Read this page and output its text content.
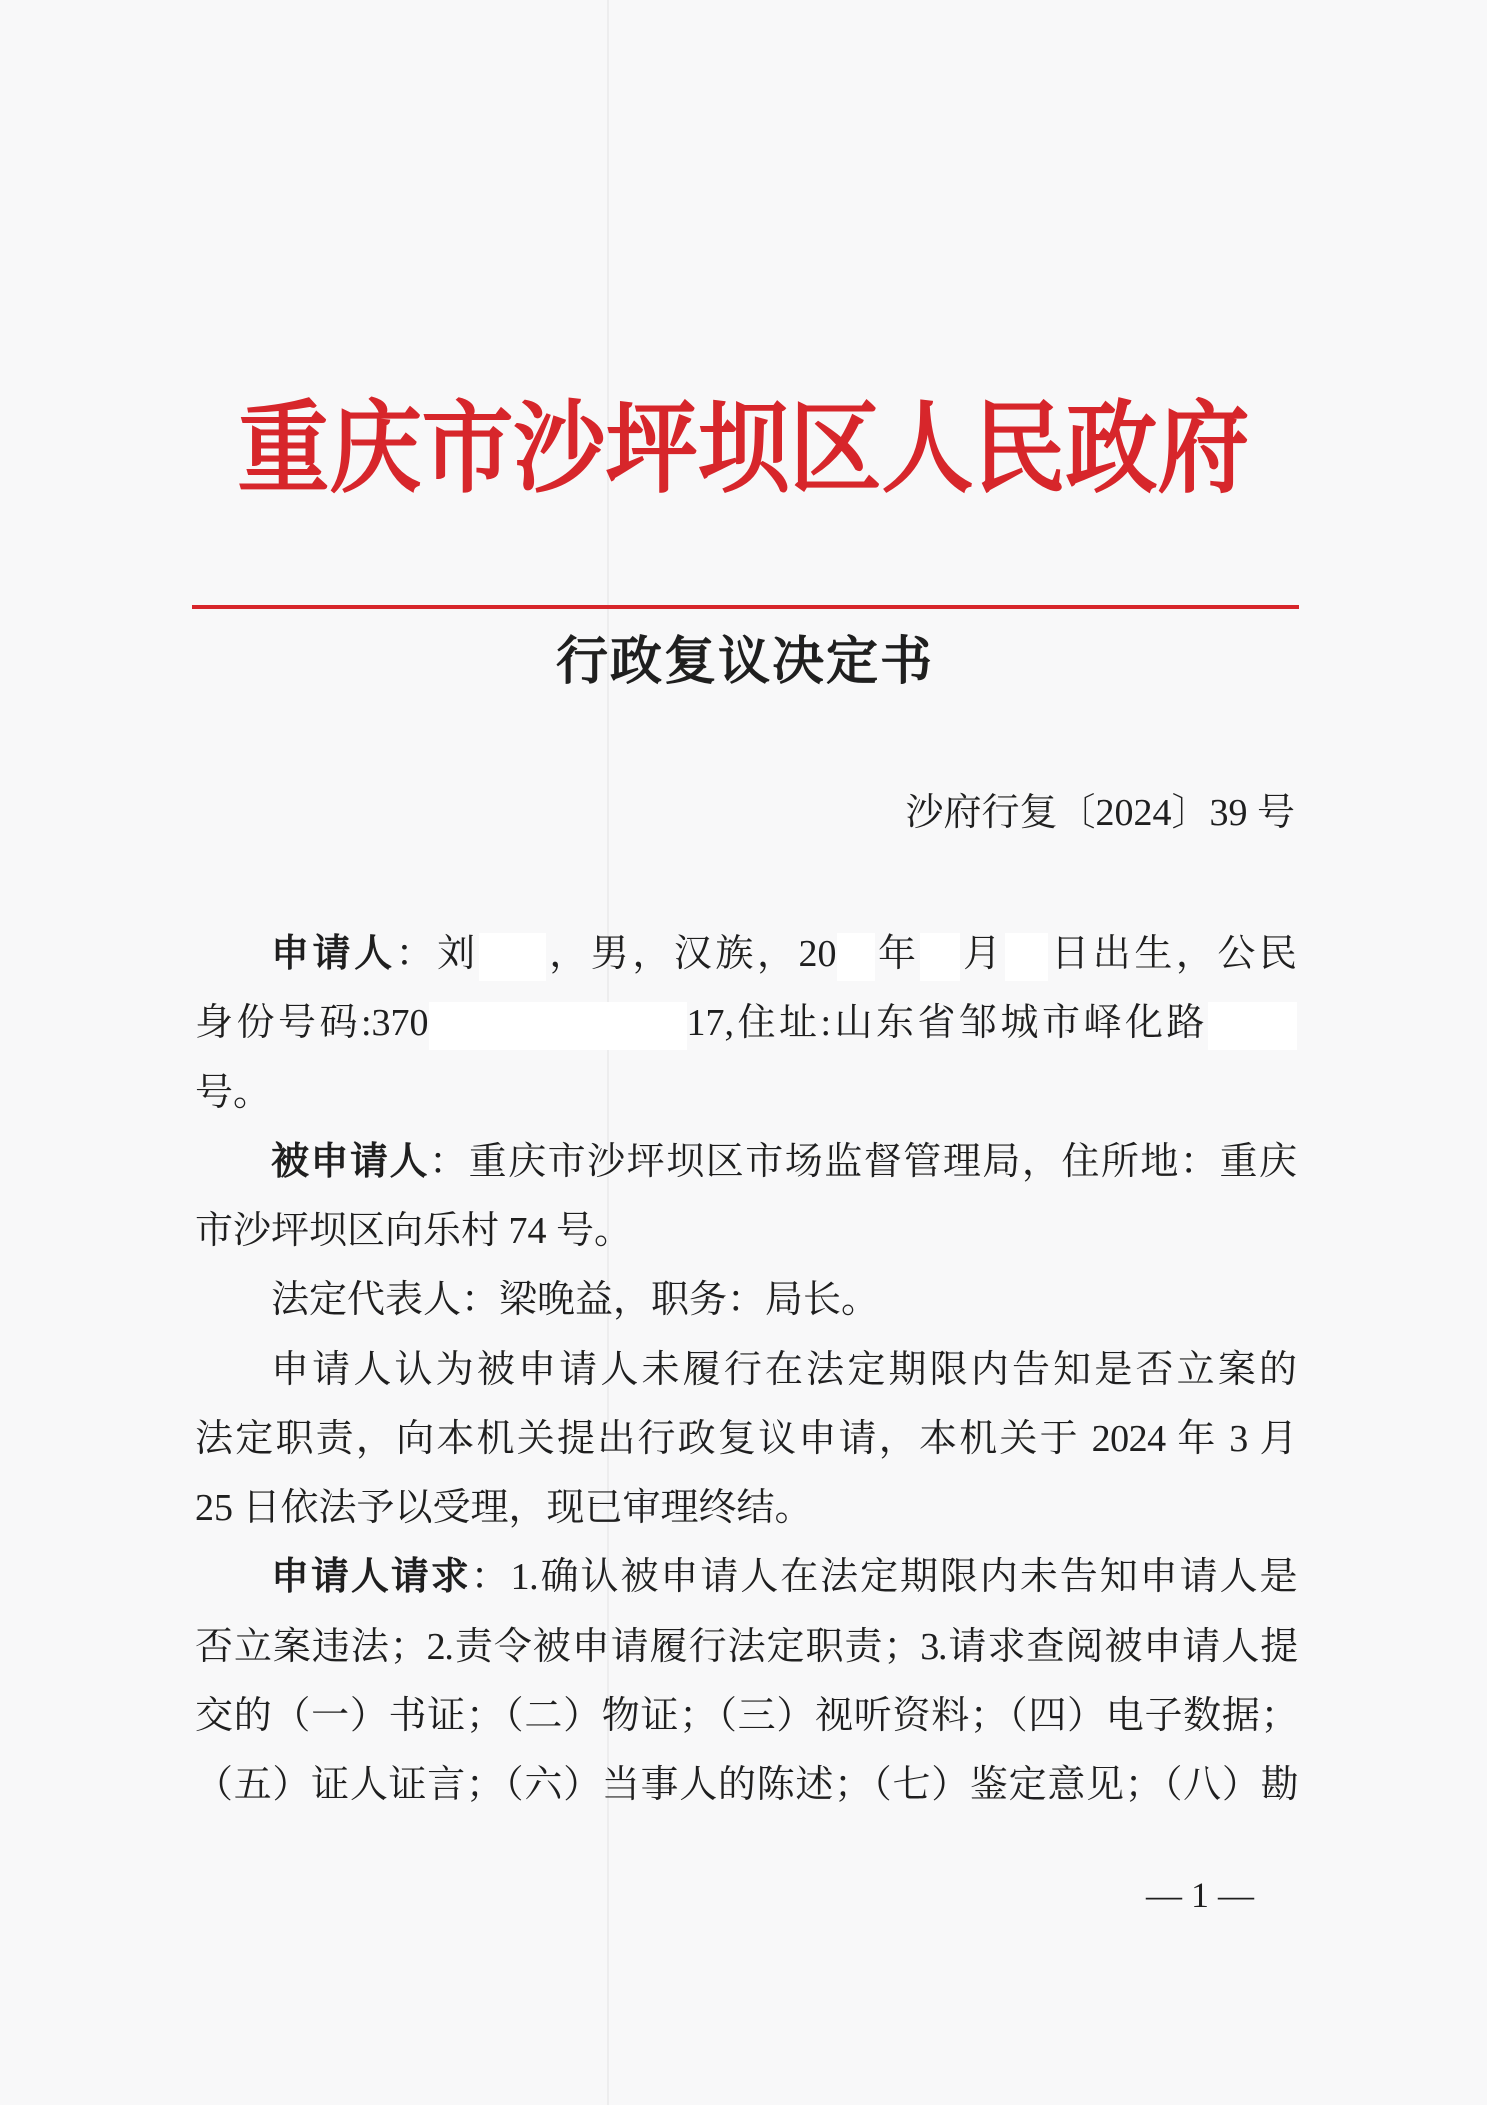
重庆市沙坪坝区人民政府
行政复议决定书
沙府行复〔2024〕39 号
申请人：刘 ，男，汉族，20 年 月 日出生，公民
身份号码:370	17,住址:山东省邹城市峄化路
号。
被申请人：重庆市沙坪坝区市场监督管理局，住所地：重庆
市沙坪坝区向乐村 74 号。
法定代表人：梁晚益，职务：局长。
申请人认为被申请人未履行在法定期限内告知是否立案的
法定职责，向本机关提出行政复议申请，本机关于 2024 年 3 月
25 日依法予以受理，现已审理终结。
申请人请求：1.确认被申请人在法定期限内未告知申请人是
否立案违法；2.责令被申请履行法定职责；3.请求查阅被申请人提
交的（一）书证；（二）物证；（三）视听资料；（四）电子数据；
（五）证人证言；（六）当事人的陈述；（七）鉴定意见；（八）勘
— 1 —
